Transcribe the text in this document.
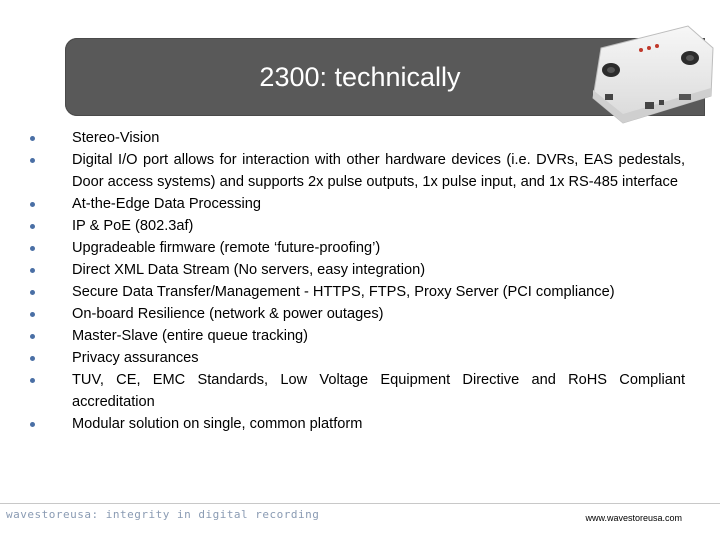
2300: technically
Stereo-Vision
Digital I/O port allows for interaction with other hardware devices (i.e. DVRs, EAS pedestals, Door access systems) and supports 2x pulse outputs, 1x pulse input, and 1x RS-485 interface
At-the-Edge Data Processing
IP & PoE (802.3af)
Upgradeable firmware (remote ‘future-proofing’)
Direct XML Data Stream (No servers, easy integration)
Secure Data Transfer/Management - HTTPS, FTPS, Proxy Server (PCI compliance)
On-board Resilience (network & power outages)
Master-Slave (entire queue tracking)
Privacy assurances
TUV, CE, EMC Standards, Low Voltage Equipment Directive and RoHS Compliant accreditation
Modular solution on single, common platform
wavestoreusa: integrity in digital recording	www.wavestoreusa.com
